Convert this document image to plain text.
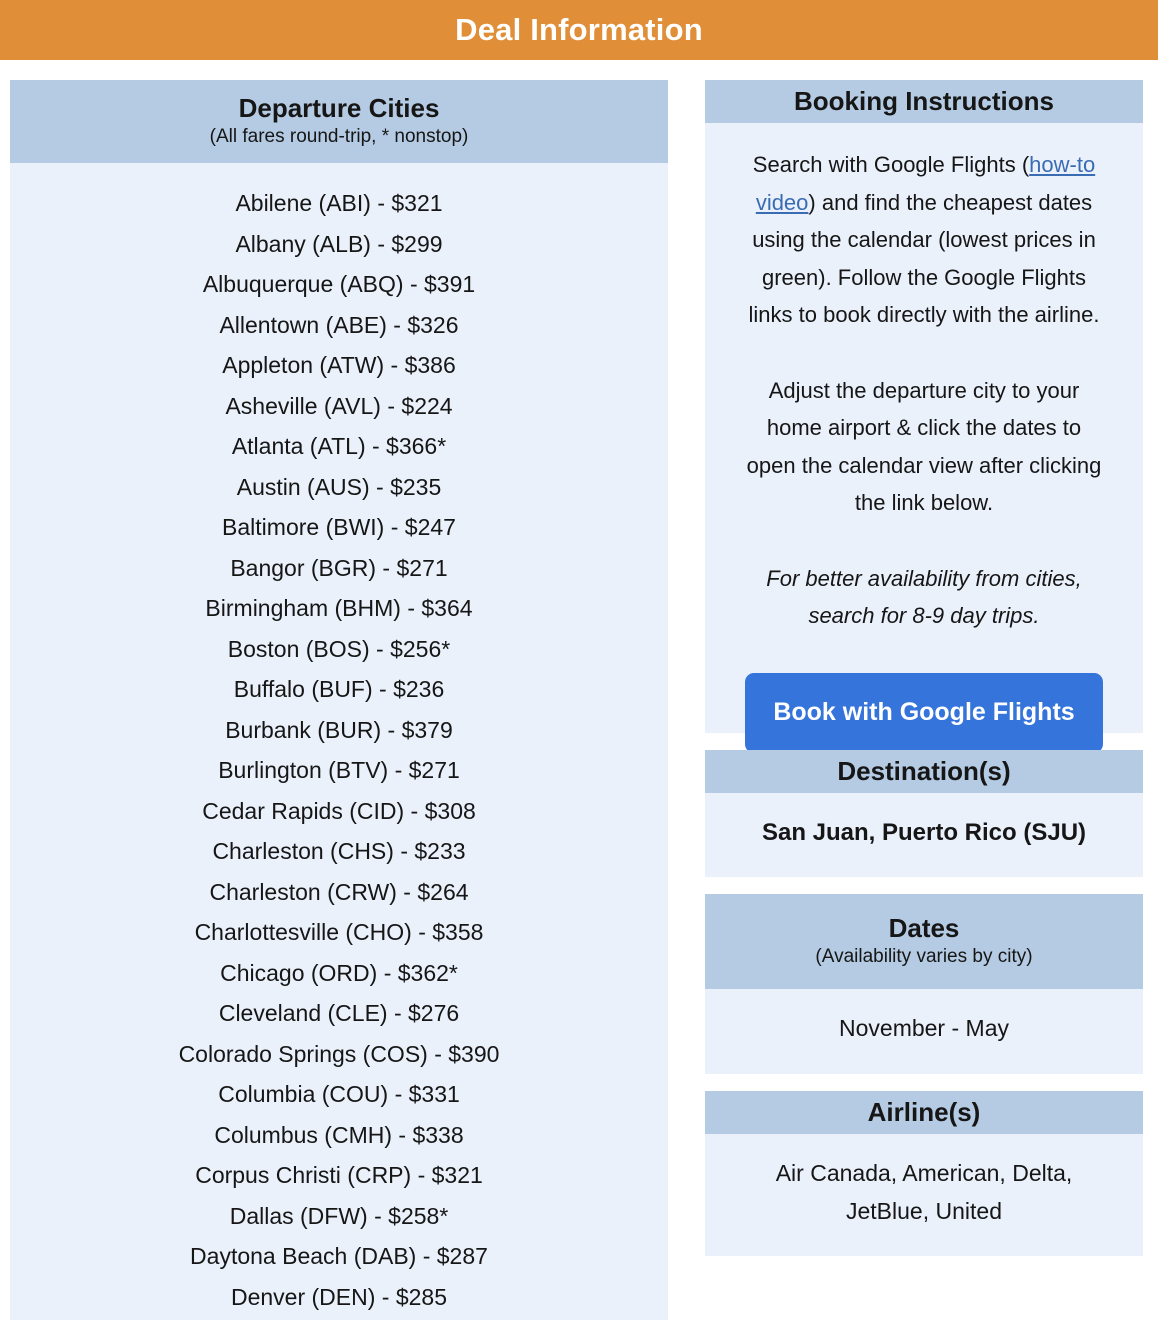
Deal Information
Departure Cities
(All fares round-trip, * nonstop)
Abilene (ABI) - $321
Albany (ALB) - $299
Albuquerque (ABQ) - $391
Allentown (ABE) - $326
Appleton (ATW) - $386
Asheville (AVL) - $224
Atlanta (ATL) - $366*
Austin (AUS) - $235
Baltimore (BWI) - $247
Bangor (BGR) - $271
Birmingham (BHM) - $364
Boston (BOS) - $256*
Buffalo (BUF) - $236
Burbank (BUR) - $379
Burlington (BTV) - $271
Cedar Rapids (CID) - $308
Charleston (CHS) - $233
Charleston (CRW) - $264
Charlottesville (CHO) - $358
Chicago (ORD) - $362*
Cleveland (CLE) - $276
Colorado Springs (COS) - $390
Columbia (COU) - $331
Columbus (CMH) - $338
Corpus Christi (CRP) - $321
Dallas (DFW) - $258*
Daytona Beach (DAB) - $287
Denver (DEN) - $285
Booking Instructions

Search with Google Flights (how-to video) and find the cheapest dates using the calendar (lowest prices in green). Follow the Google Flights links to book directly with the airline.

Adjust the departure city to your home airport & click the dates to open the calendar view after clicking the link below.

For better availability from cities, search for 8-9 day trips.

Book with Google Flights
Destination(s)
San Juan, Puerto Rico (SJU)
Dates
(Availability varies by city)
November - May
Airline(s)
Air Canada, American, Delta, JetBlue, United
